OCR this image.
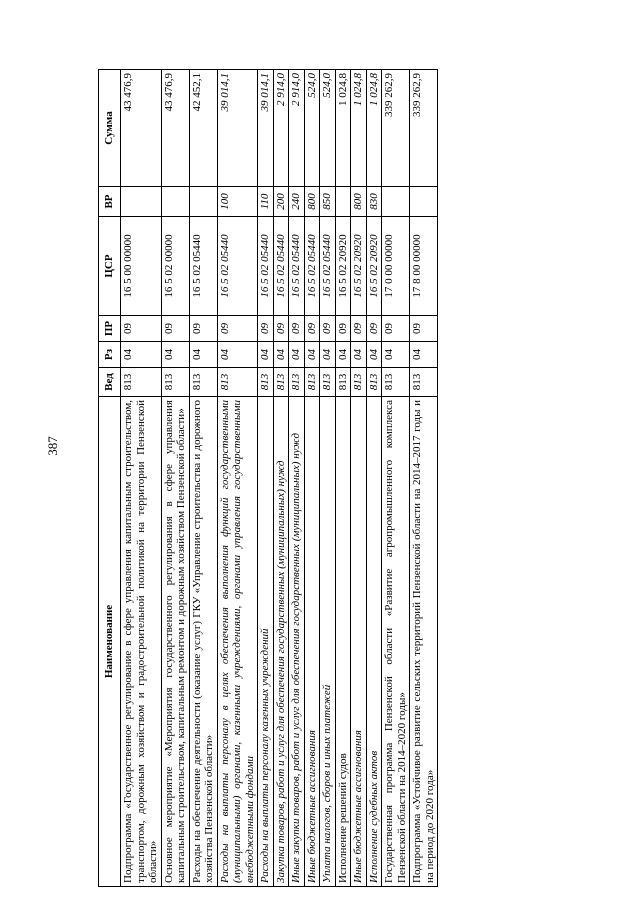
387
Наименование	Вед	Рз	ПР	ЦСР	ВР	Сумма
Подпрограмма «Государственное регулирование в сфере управления капитальным строительством, транспортом, дорожным хозяйством и градостроительной политикой на территории Пензенской области»	813	04	09	16 5 00 00000		43 476,9
Основное мероприятие «Мероприятия государственного регулирования в сфере управления капитальным строительством, капитальным ремонтом и дорожным хозяйством Пензенской области»	813	04	09	16 5 02 00000		43 476,9
Расходы на обеспечение деятельности (оказание услуг) ГКУ «Управление строительства и дорожного хозяйства Пензенской области»	813	04	09	16 5 02 05440		42 452,1
Расходы на выплаты персоналу в целях обеспечения выполнения функций государственными (муниципальными) органами, казенными учреждениями, органами управления государственными внебюджетными фондами	813	04	09	16 5 02 05440	100	39 014,1
Расходы на выплаты персоналу казенных учреждений	813	04	09	16 5 02 05440	110	39 014,1
Закупка товаров, работ и услуг для обеспечения государственных (муниципальных) нужд	813	04	09	16 5 02 05440	200	2 914,0
Иные закупки товаров, работ и услуг для обеспечения государственных (муниципальных) нужд	813	04	09	16 5 02 05440	240	2 914,0
Иные бюджетные ассигнования	813	04	09	16 5 02 05440	800	524,0
Уплата налогов, сборов и иных платежей	813	04	09	16 5 02 05440	850	524,0
Исполнение решений судов	813	04	09	16 5 02 20920		1 024,8
Иные бюджетные ассигнования	813	04	09	16 5 02 20920	800	1 024,8
Исполнение судебных актов	813	04	09	16 5 02 20920	830	1 024,8
Государственная программа Пензенской области «Развитие агропромышленного комплекса Пензенской области на 2014–2020 годы»	813	04	09	17 0 00 00000		339 262,9
Подпрограмма «Устойчивое развитие сельских территорий Пензенской области на 2014–2017 годы и на период до 2020 года»	813	04	09	17 8 00 00000		339 262,9
